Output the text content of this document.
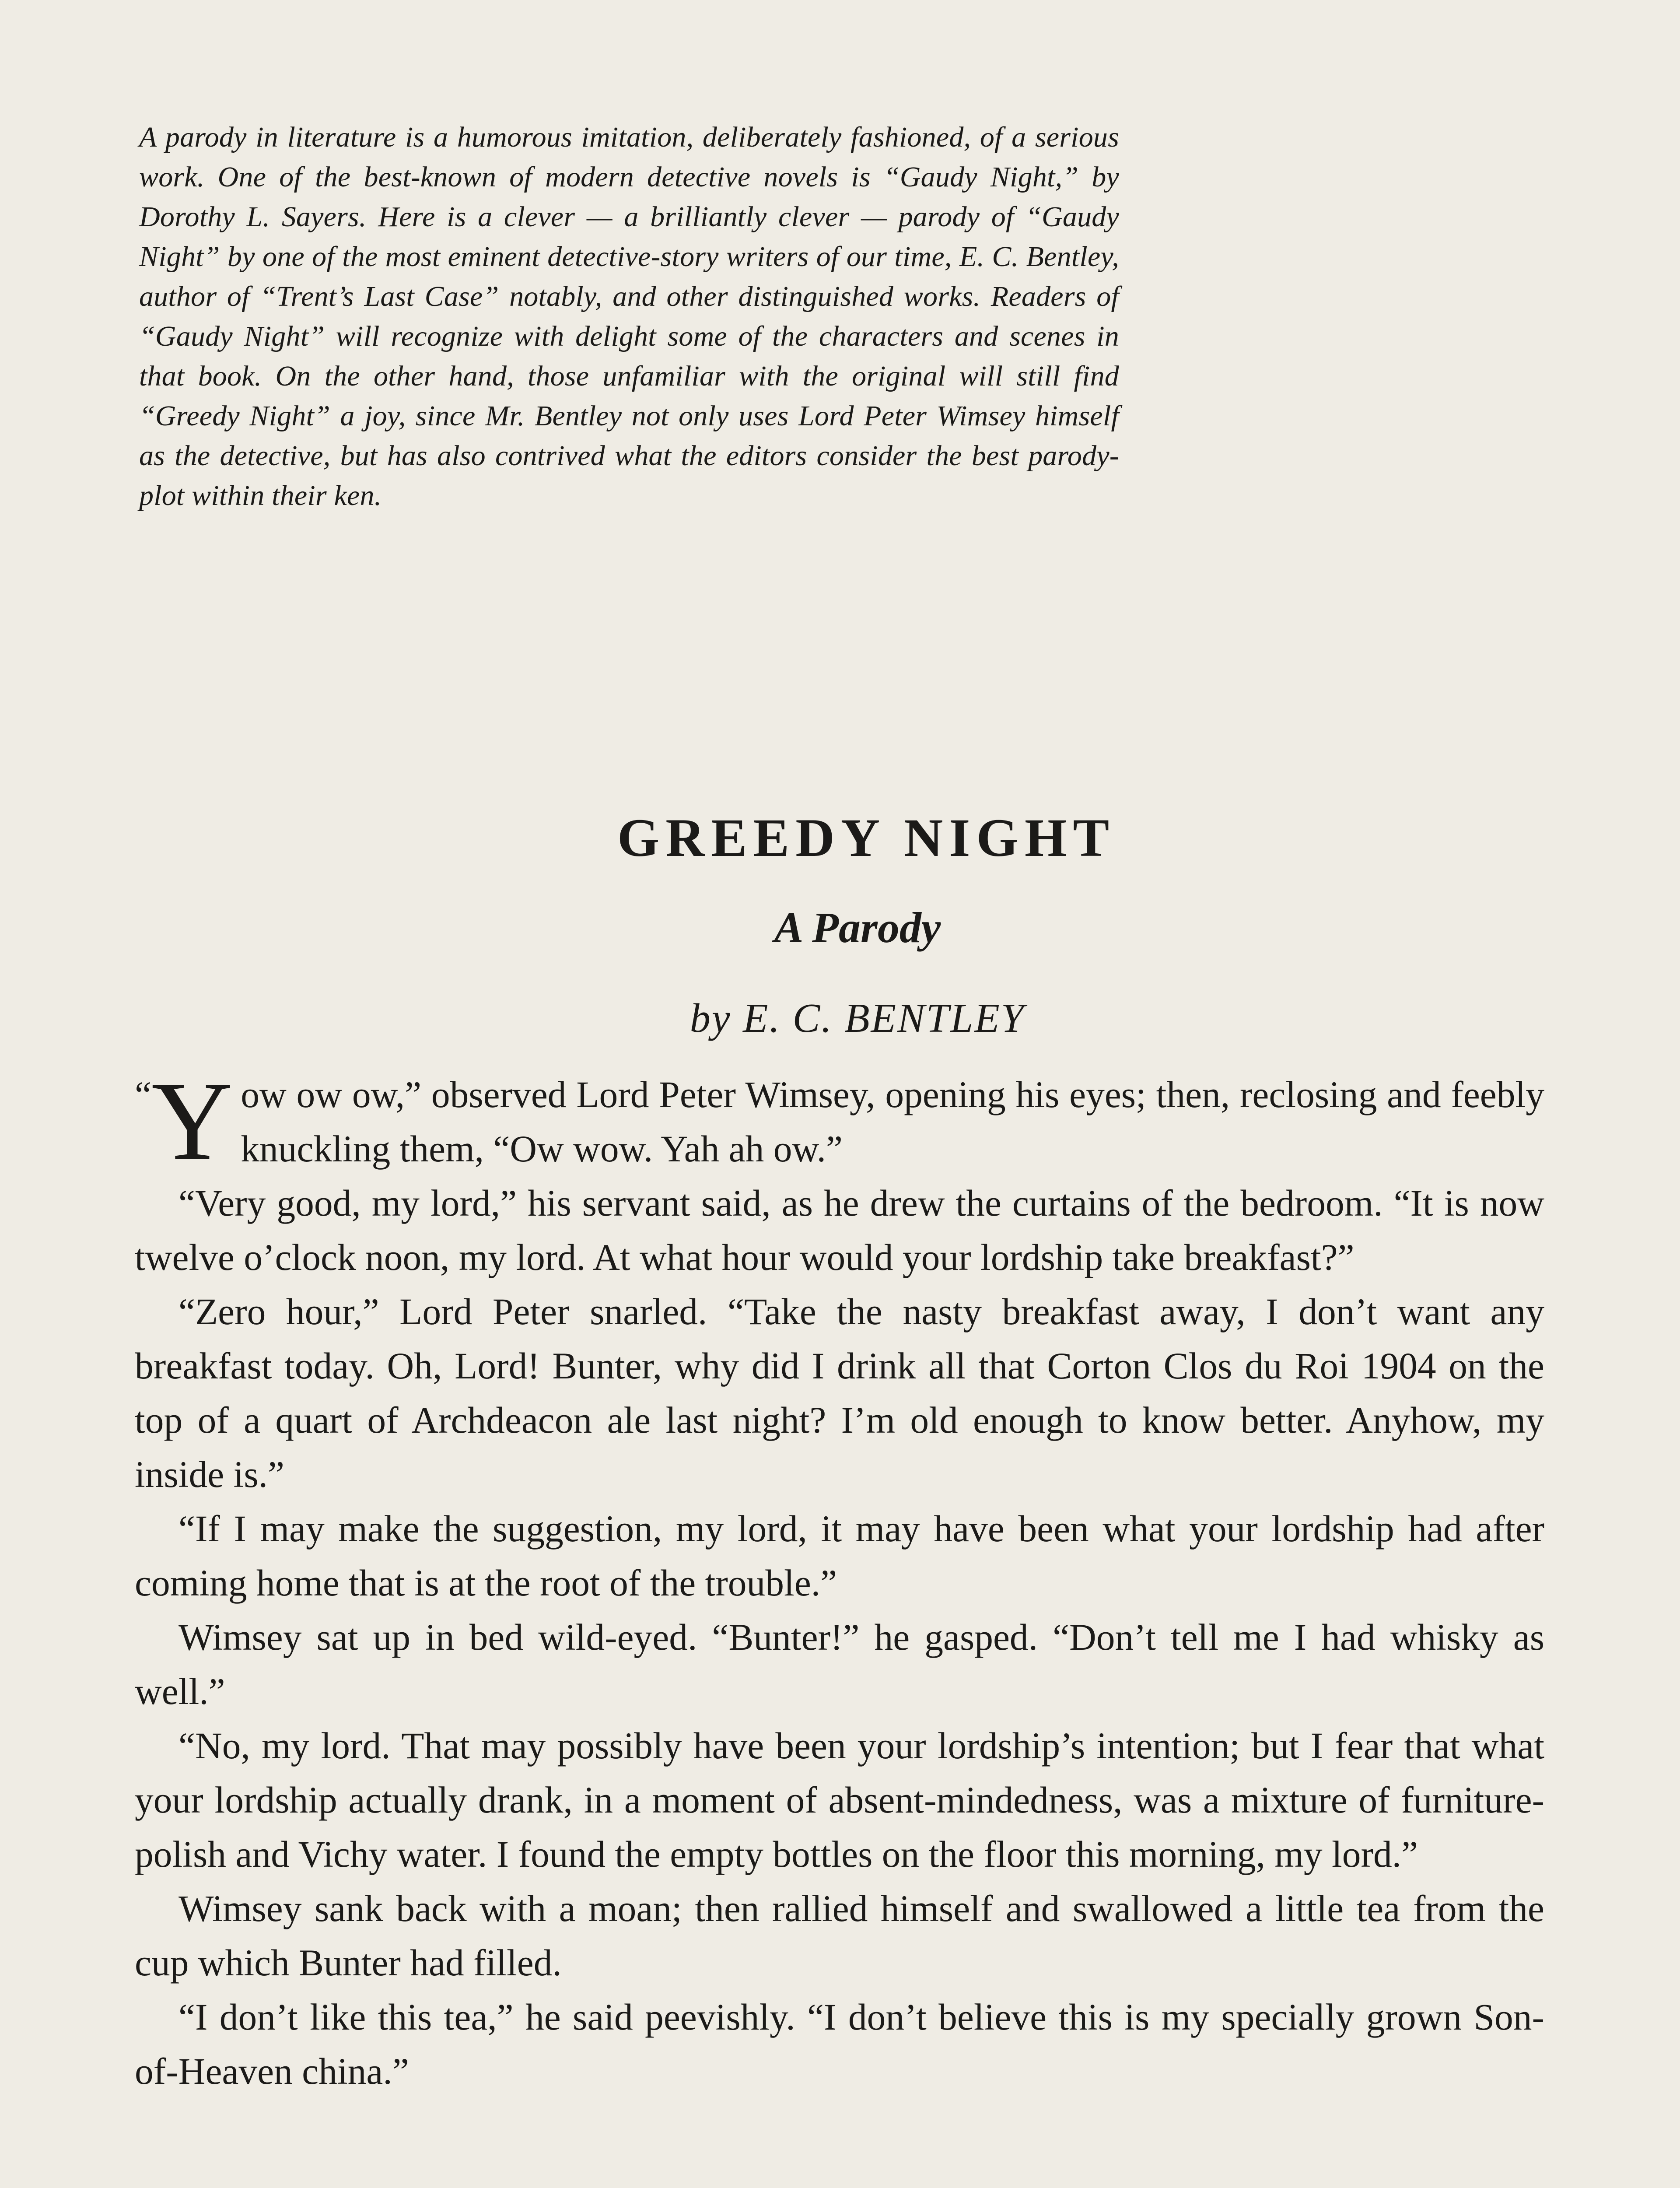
A parody in literature is a humorous imitation, deliberately fashioned, of a serious work. One of the best-known of modern detective novels is “Gaudy Night,” by Dorothy L. Sayers. Here is a clever — a brilliantly clever — parody of “Gaudy Night” by one of the most eminent detective-story writers of our time, E. C. Bentley, author of “Trent’s Last Case” notably, and other distinguished works. Readers of “Gaudy Night” will recognize with delight some of the characters and scenes in that book. On the other hand, those unfamiliar with the original will still find “Greedy Night” a joy, since Mr. Bentley not only uses Lord Peter Wimsey himself as the detective, but has also contrived what the editors consider the best parody-plot within their ken.

GREEDY NIGHT
A Parody
by E. C. BENTLEY

“ Y ow ow ow,” observed Lord Peter Wimsey, opening his eyes; then, reclosing and feebly knuckling them, “Ow wow. Yah ah ow.”

“Very good, my lord,” his servant said, as he drew the curtains of the bedroom. “It is now twelve o’clock noon, my lord. At what hour would your lordship take breakfast?”

“Zero hour,” Lord Peter snarled. “Take the nasty breakfast away, I don’t want any breakfast today. Oh, Lord! Bunter, why did I drink all that Corton Clos du Roi 1904 on the top of a quart of Archdeacon ale last night? I’m old enough to know better. Anyhow, my inside is.”

“If I may make the suggestion, my lord, it may have been what your lordship had after coming home that is at the root of the trouble.”

Wimsey sat up in bed wild-eyed. “Bunter!” he gasped. “Don’t tell me I had whisky as well.”

“No, my lord. That may possibly have been your lordship’s intention; but I fear that what your lordship actually drank, in a moment of absent-mindedness, was a mixture of furniture-polish and Vichy water. I found the empty bottles on the floor this morning, my lord.”

Wimsey sank back with a moan; then rallied himself and swallowed a little tea from the cup which Bunter had filled.

“I don’t like this tea,” he said peevishly. “I don’t believe this is my specially grown Son-of-Heaven china.”
